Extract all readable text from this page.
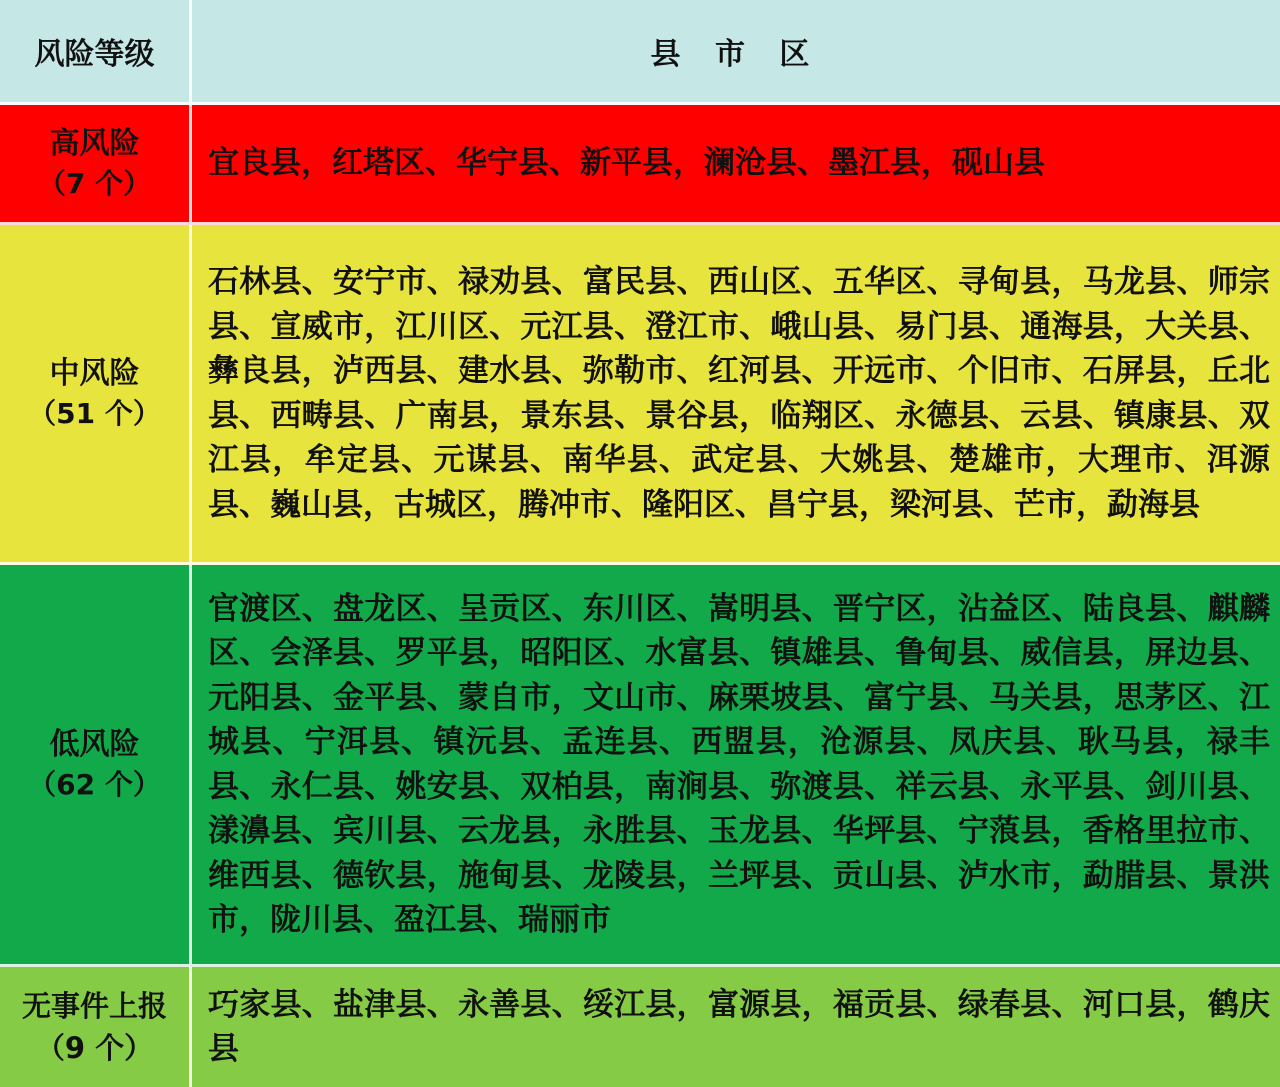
风险等级	县 市 区
高风险
（7 个）
宜良县，红塔区、华宁县、新平县，澜沧县、墨江县，砚山县
中风险
（51 个）
石林县、安宁市、禄劝县、富民县、西山区、五华区、寻甸县，马龙县、师宗县、宣威市，江川区、元江县、澄江市、峨山县、易门县、通海县，大关县、彝良县，泸西县、建水县、弥勒市、红河县、开远市、个旧市、石屏县，丘北县、西畴县、广南县，景东县、景谷县，临翔区、永德县、云县、镇康县、双江县，牟定县、元谋县、南华县、武定县、大姚县、楚雄市，大理市、洱源县、巍山县，古城区，腾冲市、隆阳区、昌宁县，梁河县、芒市，勐海县
低风险
（62 个）
官渡区、盘龙区、呈贡区、东川区、嵩明县、晋宁区，沾益区、陆良县、麒麟区、会泽县、罗平县，昭阳区、水富县、镇雄县、鲁甸县、威信县，屏边县、元阳县、金平县、蒙自市，文山市、麻栗坡县、富宁县、马关县，思茅区、江城县、宁洱县、镇沅县、孟连县、西盟县，沧源县、凤庆县、耿马县，禄丰县、永仁县、姚安县、双柏县，南涧县、弥渡县、祥云县、永平县、剑川县、漾濞县、宾川县、云龙县，永胜县、玉龙县、华坪县、宁蒗县，香格里拉市、维西县、德钦县，施甸县、龙陵县，兰坪县、贡山县、泸水市，勐腊县、景洪市，陇川县、盈江县、瑞丽市
无事件上报（9 个）
巧家县、盐津县、永善县、绥江县，富源县，福贡县、绿春县、河口县，鹤庆县
